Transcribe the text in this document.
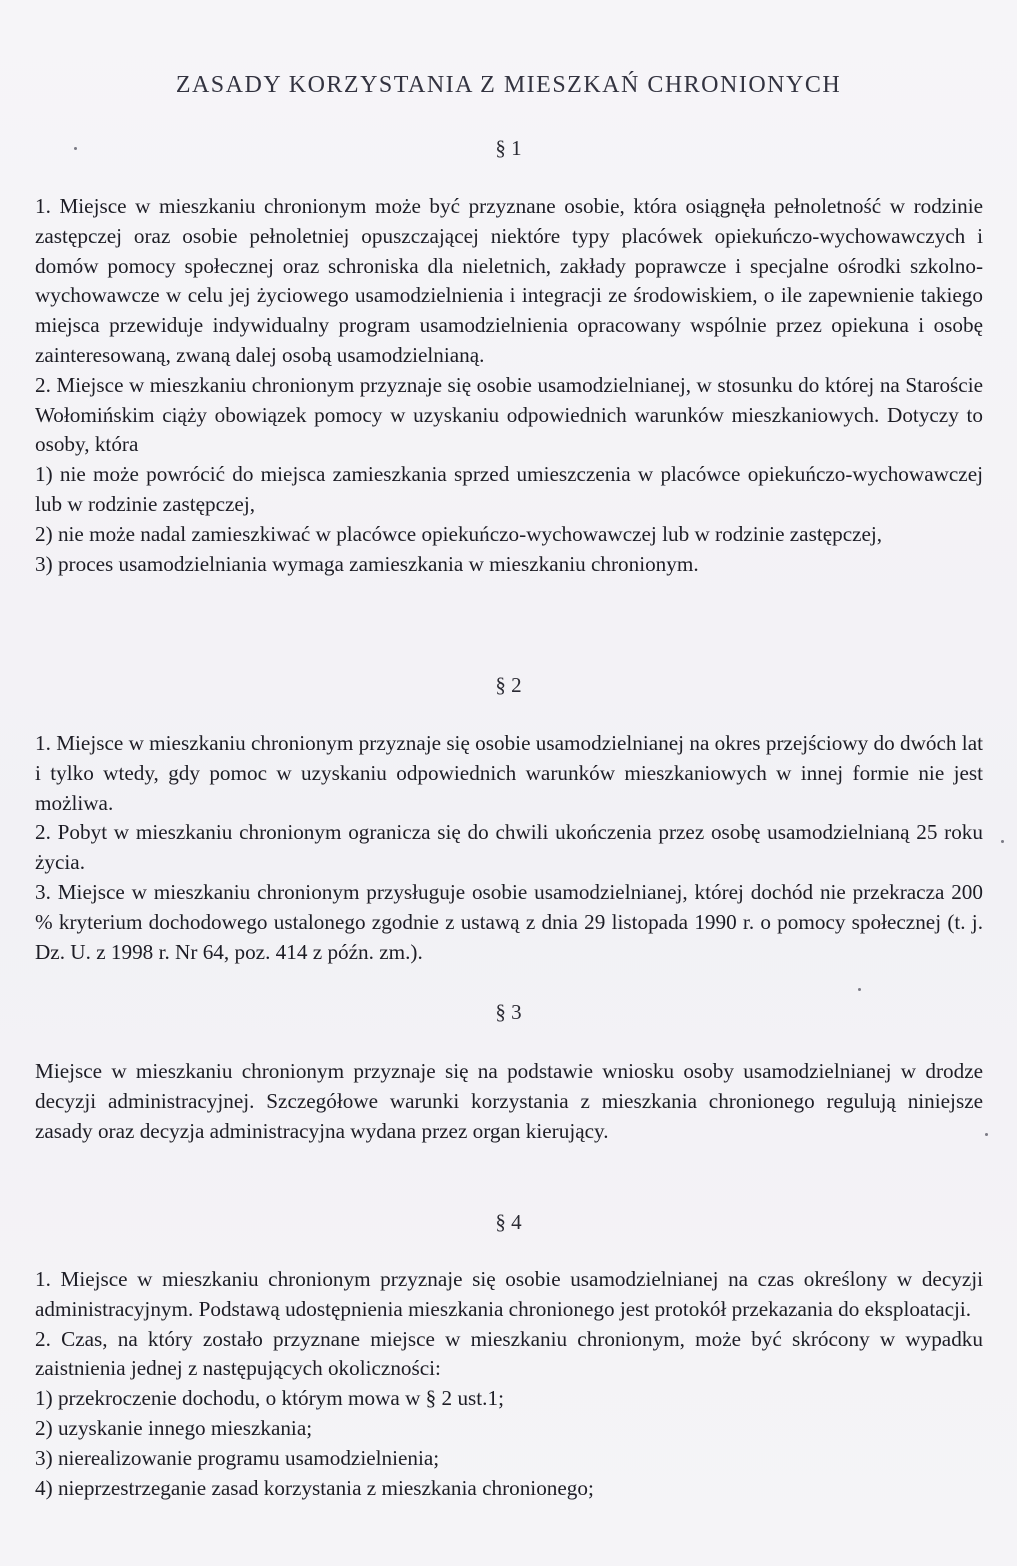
ZASADY KORZYSTANIA Z MIESZKAŃ CHRONIONYCH
§ 1

1. Miejsce w mieszkaniu chronionym może być przyznane osobie, która osiągnęła pełnoletność w rodzinie zastępczej oraz osobie pełnoletniej opuszczającej niektóre typy placówek opiekuńczo-wychowawczych i domów pomocy społecznej oraz schroniska dla nieletnich, zakłady poprawcze i specjalne ośrodki szkolno-wychowawcze w celu jej życiowego usamodzielnienia i integracji ze środowiskiem, o ile zapewnienie takiego miejsca przewiduje indywidualny program usamodzielnienia opracowany wspólnie przez opiekuna i osobę zainteresowaną, zwaną dalej osobą usamodzielnianą.

2. Miejsce w mieszkaniu chronionym przyznaje się osobie usamodzielnianej, w stosunku do której na Staroście Wołomińskim ciąży obowiązek pomocy w uzyskaniu odpowiednich warunków mieszkaniowych. Dotyczy to osoby, która

1) nie może powrócić do miejsca zamieszkania sprzed umieszczenia w placówce opiekuńczo-wychowawczej lub w rodzinie zastępczej,

2) nie może nadal zamieszkiwać w placówce opiekuńczo-wychowawczej lub w rodzinie zastępczej,

3) proces usamodzielniania wymaga zamieszkania w mieszkaniu chronionym.

§ 2

1. Miejsce w mieszkaniu chronionym przyznaje się osobie usamodzielnianej na okres przejściowy do dwóch lat i tylko wtedy, gdy pomoc w uzyskaniu odpowiednich warunków mieszkaniowych w innej formie nie jest możliwa.

2. Pobyt w mieszkaniu chronionym ogranicza się do chwili ukończenia przez osobę usamodzielnianą 25 roku życia.

3. Miejsce w mieszkaniu chronionym przysługuje osobie usamodzielnianej, której dochód nie przekracza 200 % kryterium dochodowego ustalonego zgodnie z ustawą z dnia 29 listopada 1990 r. o pomocy społecznej (t. j. Dz. U. z 1998 r. Nr 64, poz. 414 z późn. zm.).

§ 3

Miejsce w mieszkaniu chronionym przyznaje się na podstawie wniosku osoby usamodzielnianej w drodze decyzji administracyjnej. Szczegółowe warunki korzystania z mieszkania chronionego regulują niniejsze zasady oraz decyzja administracyjna wydana przez organ kierujący.

§ 4

1. Miejsce w mieszkaniu chronionym przyznaje się osobie usamodzielnianej na czas określony w decyzji administracyjnym. Podstawą udostępnienia mieszkania chronionego jest protokół przekazania do eksploatacji.

2. Czas, na który zostało przyznane miejsce w mieszkaniu chronionym, może być skrócony w wypadku zaistnienia jednej z następujących okoliczności:

1) przekroczenie dochodu, o którym mowa w § 2 ust.1;

2) uzyskanie innego mieszkania;

3) nierealizowanie programu usamodzielnienia;

4) nieprzestrzeganie zasad korzystania z mieszkania chronionego;
